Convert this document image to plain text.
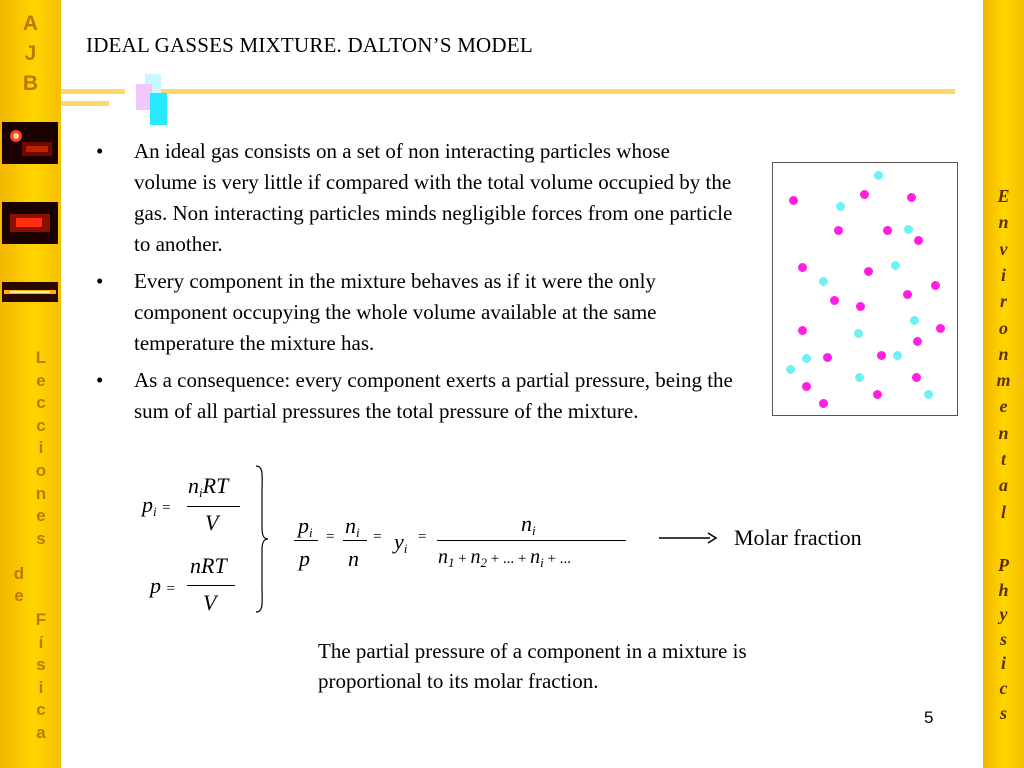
A
J
B
L
e
c
c
i
o
n
e
s
d
e
F
í
s
i
c
a
E
n
v
i
r
o
n
m
e
n
t
a
l
P
h
y
s
i
c
s
IDEAL GASSES MIXTURE. DALTON’S MODEL
• An ideal gas consists on a set of non interacting particles whose volume is very little if compared with the total volume occupied by the gas. Non interacting particles minds negligible forces from one particle to another.
• Every component in the mixture behaves as if it were the only component occupying the whole volume available at the same temperature the mixture has.
• As a consequence: every component exerts a partial pressure, being the sum of all partial pressures the total pressure of the mixture.
$p_i$ =
$n_iRT$
V
p =
nRT
V
$p_i$
p
= $n_i$
n
= $y_i$
=
$n_i$
$n_1 + n_2$ + ... + $n_i$ + ...
Molar fraction
The partial pressure of a component in a mixture is proportional to its molar fraction.
5
